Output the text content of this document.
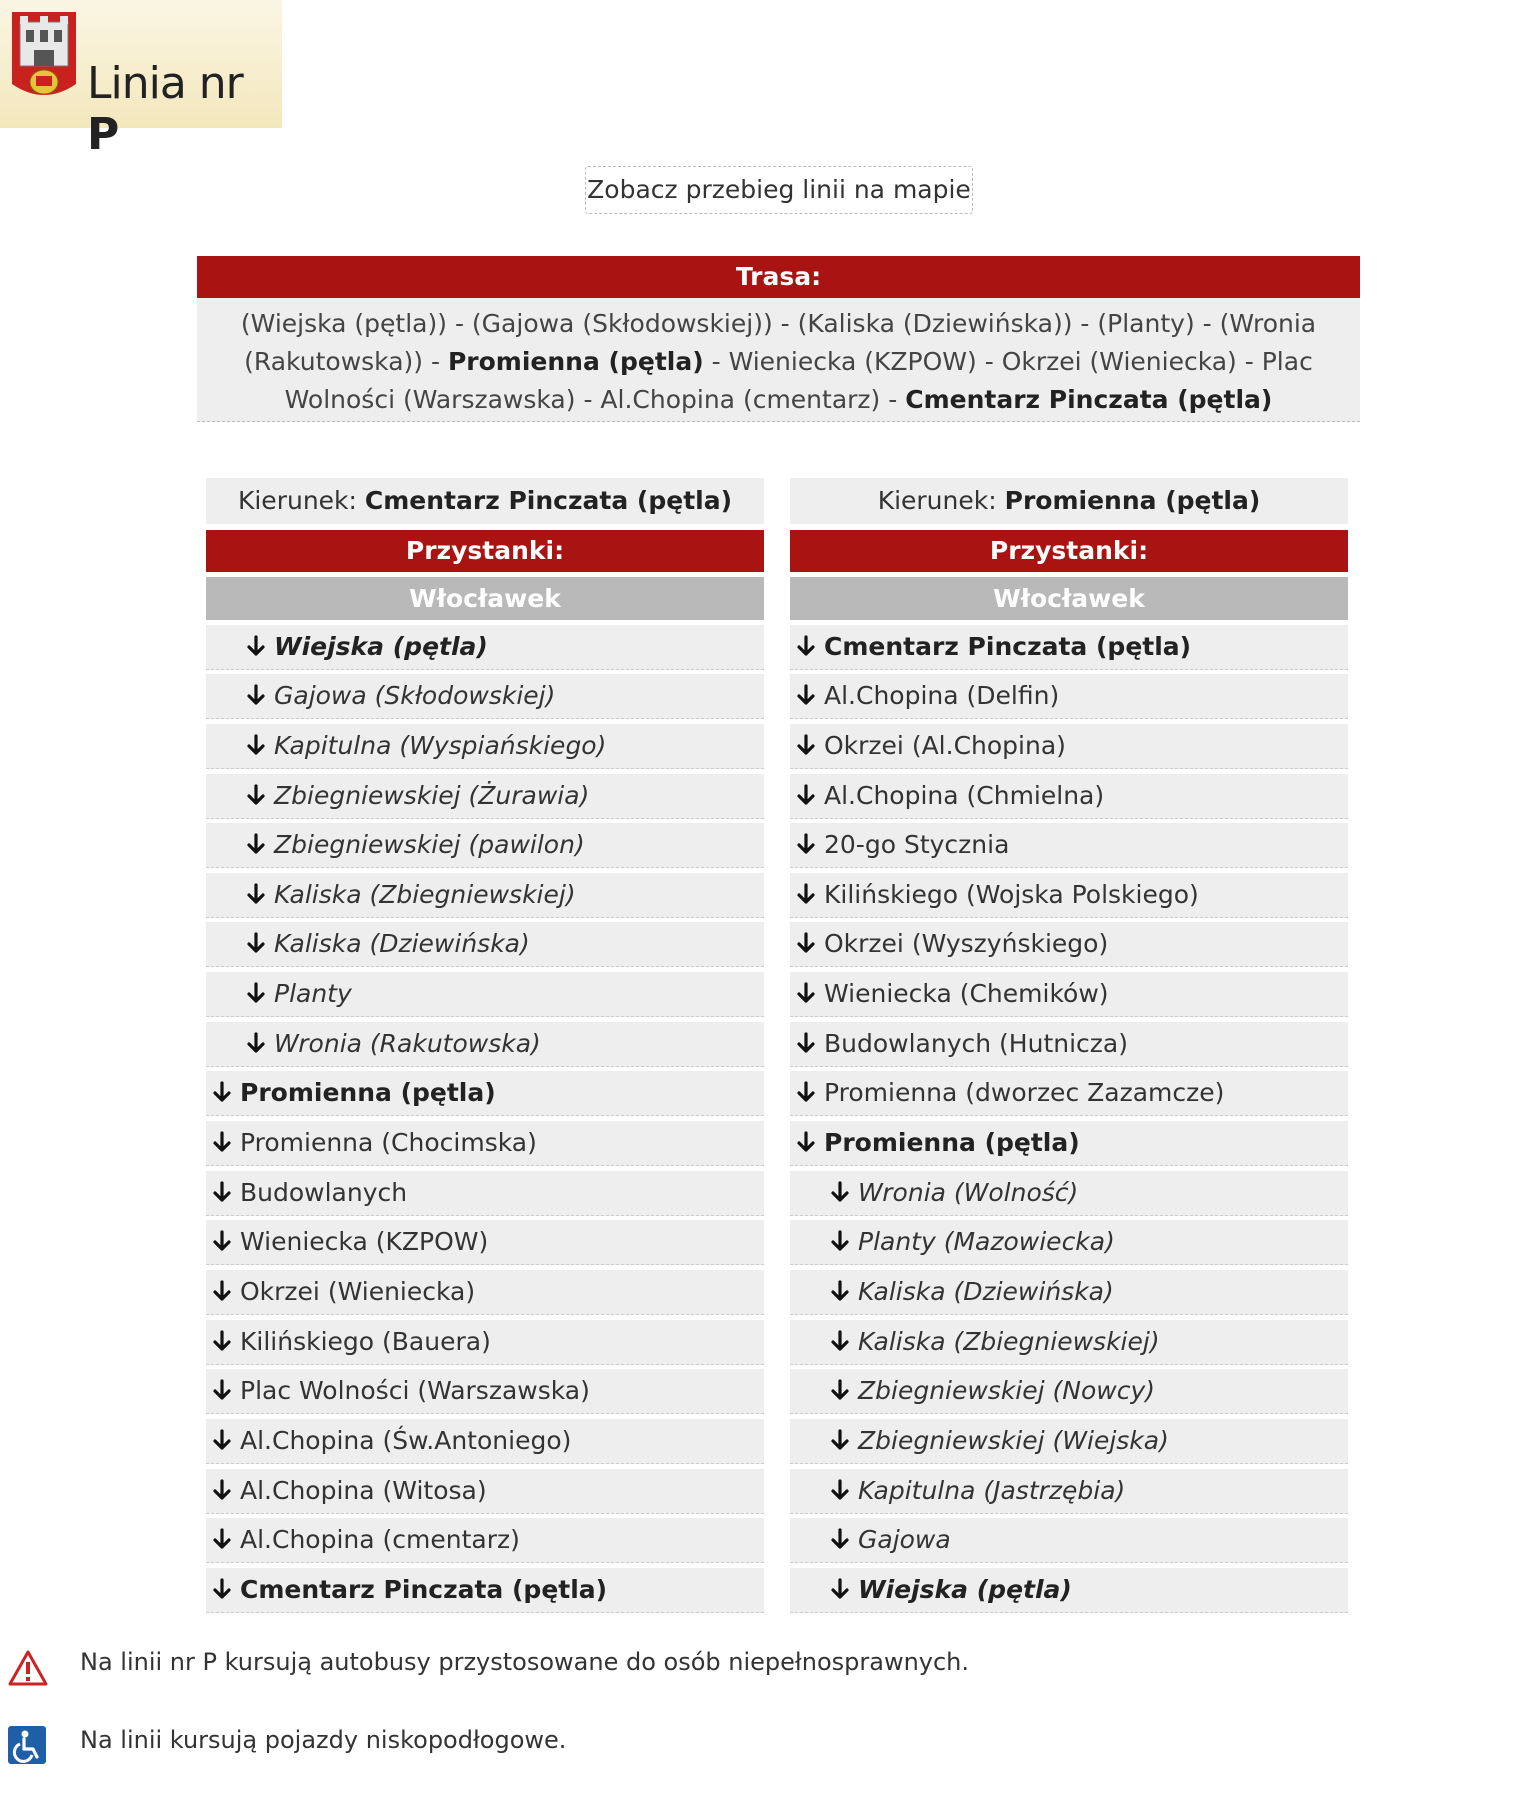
Linia nr P
Zobacz przebieg linii na mapie
Trasa:
(Wiejska (pętla)) - (Gajowa (Skłodowskiej)) - (Kaliska (Dziewińska)) - (Planty) - (Wronia (Rakutowska)) - Promienna (pętla) - Wieniecka (KZPOW) - Okrzei (Wieniecka) - Plac Wolności (Warszawska) - Al.Chopina (cmentarz) - Cmentarz Pinczata (pętla)
Kierunek: Cmentarz Pinczata (pętla)
Przystanki:
Włocławek
Wiejska (pętla)
Gajowa (Skłodowskiej)
Kapitulna (Wyspiańskiego)
Zbiegniewskiej (Żurawia)
Zbiegniewskiej (pawilon)
Kaliska (Zbiegniewskiej)
Kaliska (Dziewińska)
Planty
Wronia (Rakutowska)
Promienna (pętla)
Promienna (Chocimska)
Budowlanych
Wieniecka (KZPOW)
Okrzei (Wieniecka)
Kilińskiego (Bauera)
Plac Wolności (Warszawska)
Al.Chopina (Św.Antoniego)
Al.Chopina (Witosa)
Al.Chopina (cmentarz)
Cmentarz Pinczata (pętla)
Kierunek: Promienna (pętla)
Przystanki:
Włocławek
Cmentarz Pinczata (pętla)
Al.Chopina (Delfin)
Okrzei (Al.Chopina)
Al.Chopina (Chmielna)
20-go Stycznia
Kilińskiego (Wojska Polskiego)
Okrzei (Wyszyńskiego)
Wieniecka (Chemików)
Budowlanych (Hutnicza)
Promienna (dworzec Zazamcze)
Promienna (pętla)
Wronia (Wolność)
Planty (Mazowiecka)
Kaliska (Dziewińska)
Kaliska (Zbiegniewskiej)
Zbiegniewskiej (Nowcy)
Zbiegniewskiej (Wiejska)
Kapitulna (Jastrzębia)
Gajowa
Wiejska (pętla)
Na linii nr P kursują autobusy przystosowane do osób niepełnosprawnych.
Na linii kursują pojazdy niskopodłogowe.
